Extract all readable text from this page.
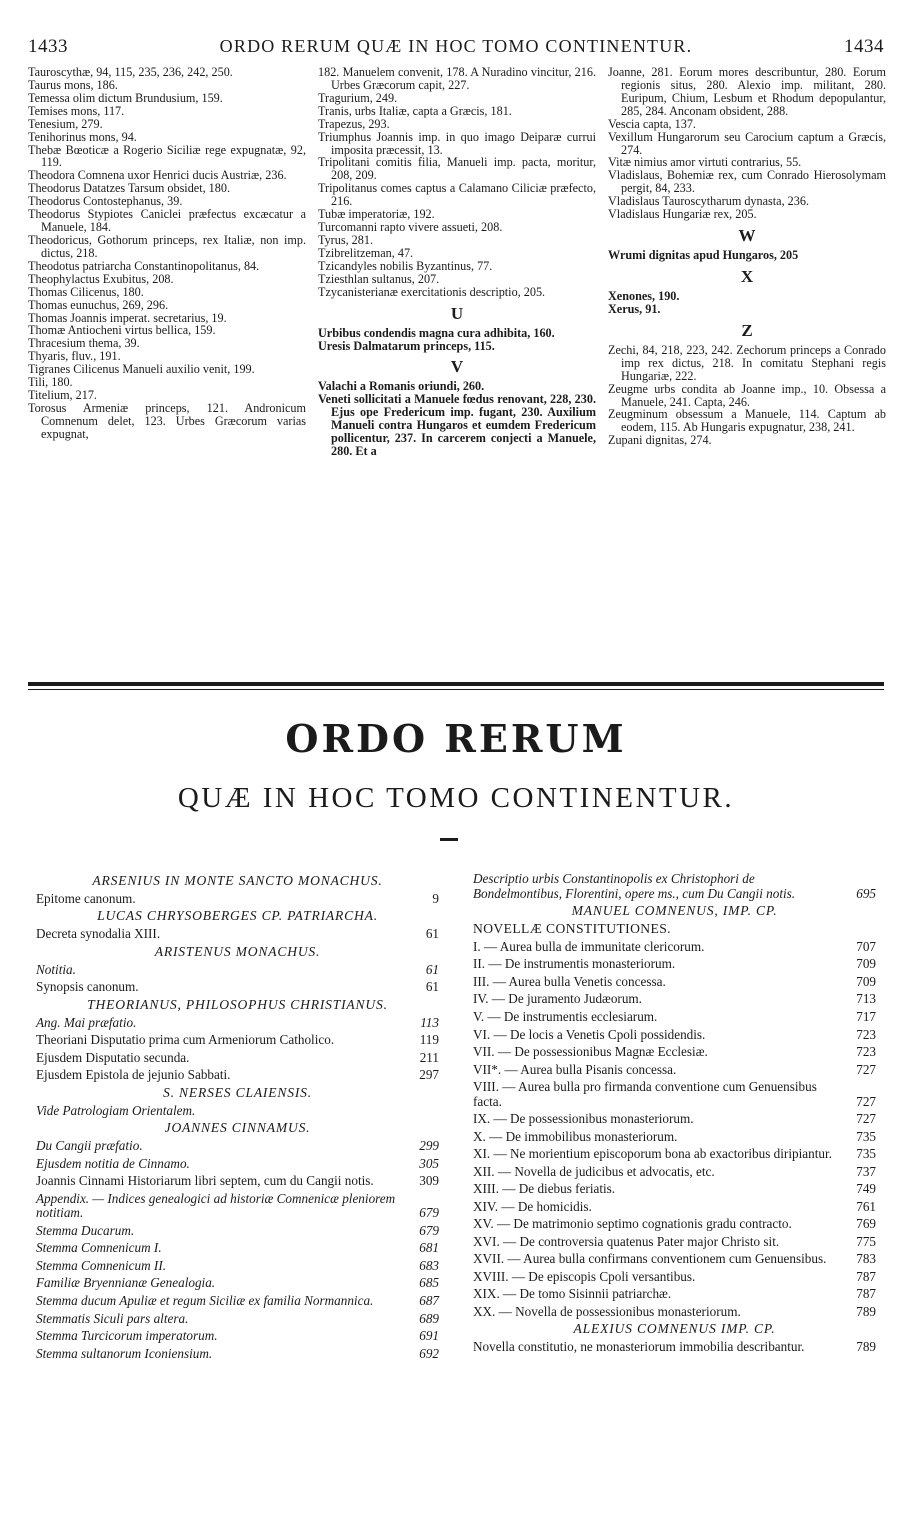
1433	ORDO RERUM QUÆ IN HOC TOMO CONTINENTUR.	1434

Tauroscythæ, 94, 115, 235, 236, 242, 250.

Taurus mons, 186.

Temessa olim dictum Brundusium, 159.

Temises mons, 117.

Tenesium, 279.

Tenihorinus mons, 94.

Thebæ Bœoticæ a Rogerio Siciliæ rege expugnatæ, 92, 119.

Theodora Comnena uxor Henrici ducis Austriæ, 236.

Theodorus Datatzes Tarsum obsidet, 180.

Theodorus Contostephanus, 39.

Theodorus Stypiotes Caniclei præfectus excæcatur a Manuele, 184.

Theodoricus, Gothorum princeps, rex Italiæ, non imp. dictus, 218.

Theodotus patriarcha Constantinopolitanus, 84.

Theophylactus Exubitus, 208.

Thomas Cilicenus, 180.

Thomas eunuchus, 269, 296.

Thomas Joannis imperat. secretarius, 19.

Thomæ Antiocheni virtus bellica, 159.

Thracesium thema, 39.

Thyaris, fluv., 191.

Tigranes Cilicenus Manueli auxilio venit, 199.

Tili, 180.

Titelium, 217.

Torosus Armeniæ princeps, 121. Andronicum Comnenum delet, 123. Urbes Græcorum varias expugnat,

182. Manuelem convenit, 178. A Nuradino vincitur, 216. Urbes Græcorum capit, 227.

Tragurium, 249.

Tranis, urbs Italiæ, capta a Græcis, 181.

Trapezus, 293.

Triumphus Joannis imp. in quo imago Deiparæ currui imposita præcessit, 13.

Tripolitani comitis filia, Manueli imp. pacta, moritur, 208, 209.

Tripolitanus comes captus a Calamano Ciliciæ præfecto, 216.

Tubæ imperatoriæ, 192.

Turcomanni rapto vivere assueti, 208.

Tyrus, 281.

Tzibrelitzeman, 47.

Tzicandyles nobilis Byzantinus, 77.

Tziesthlan sultanus, 207.

Tzycanisterianæ exercitationis descriptio, 205.

U

Urbibus condendis magna cura adhibita, 160.

Uresis Dalmatarum princeps, 115.

V

Valachi a Romanis oriundi, 260.

Veneti sollicitati a Manuele fœdus renovant, 228, 230. Ejus ope Fredericum imp. fugant, 230. Auxilium Manueli contra Hungaros et eumdem Fredericum pollicentur, 237. In carcerem conjecti a Manuele, 280. Et a

Joanne, 281. Eorum mores describuntur, 280. Eorum regionis situs, 280. Alexio imp. militant, 280. Euripum, Chium, Lesbum et Rhodum depopulantur, 285, 284. Anconam obsident, 288.

Vescia capta, 137.

Vexillum Hungarorum seu Carocium captum a Græcis, 274.

Vitæ nimius amor virtuti contrarius, 55.

Vladislaus, Bohemiæ rex, cum Conrado Hierosolymam pergit, 84, 233.

Vladislaus Tauroscytharum dynasta, 236.

Vladislaus Hungariæ rex, 205.

W

Wrumi dignitas apud Hungaros, 205

X

Xenones, 190.

Xerus, 91.

Z

Zechi, 84, 218, 223, 242. Zechorum princeps a Conrado imp rex dictus, 218. In comitatu Stephani regis Hungariæ, 222.

Zeugme urbs condita ab Joanne imp., 10. Obsessa a Manuele, 241. Capta, 246.

Zeugminum obsessum a Manuele, 114. Captum ab eodem, 115. Ab Hungaris expugnatur, 238, 241.

Zupani dignitas, 274.

ORDO RERUM
QUÆ IN HOC TOMO CONTINENTUR.
ARSENIUS IN MONTE SANCTO MONACHUS.
Epitome canonum.	9
LUCAS CHRYSOBERGES CP. PATRIARCHA.
Decreta synodalia XIII.	61
ARISTENUS MONACHUS.
Notitia.	61
Synopsis canonum.	61
THEORIANUS, PHILOSOPHUS CHRISTIANUS.
Ang. Mai præfatio.	113
Theoriani Disputatio prima cum Armeniorum Catholico.	119
Ejusdem Disputatio secunda.	211
Ejusdem Epistola de jejunio Sabbati.	297
S. NERSES CLAIENSIS.
Vide Patrologiam Orientalem.
JOANNES CINNAMUS.
Du Cangii præfatio.	299
Ejusdem notitia de Cinnamo.	305
Joannis Cinnami Historiarum libri septem, cum du Cangii notis.	309
Appendix. — Indices genealogici ad historiæ Comnenicæ pleniorem notitiam.	679
Stemma Ducarum.	679
Stemma Comnenicum I.	681
Stemma Comnenicum II.	683
Familiæ Bryennianæ Genealogia.	685
Stemma ducum Apuliæ et regum Siciliæ ex familia Normannica.	687
Stemmatis Siculi pars altera.	689
Stemma Turcicorum imperatorum.	691
Stemma sultanorum Iconiensium.	692
Descriptio urbis Constantinopolis ex Christophori de Bondelmontibus, Florentini, opere ms., cum Du Cangii notis.	695
MANUEL COMNENUS, IMP. CP.
NOVELLÆ CONSTITUTIONES.
I. — Aurea bulla de immunitate clericorum.	707
II. — De instrumentis monasteriorum.	709
III. — Aurea bulla Venetis concessa.	709
IV. — De juramento Judæorum.	713
V. — De instrumentis ecclesiarum.	717
VI. — De locis a Venetis Cpoli possidendis.	723
VII. — De possessionibus Magnæ Ecclesiæ.	723
VII*. — Aurea bulla Pisanis concessa.	727
VIII. — Aurea bulla pro firmanda conventione cum Genuensibus facta.	727
IX. — De possessionibus monasteriorum.	727
X. — De immobilibus monasteriorum.	735
XI. — Ne morientium episcoporum bona ab exactoribus diripiantur.	735
XII. — Novella de judicibus et advocatis, etc.	737
XIII. — De diebus feriatis.	749
XIV. — De homicidis.	761
XV. — De matrimonio septimo cognationis gradu contracto.	769
XVI. — De controversia quatenus Pater major Christo sit.	775
XVII. — Aurea bulla confirmans conventionem cum Genuensibus.	783
XVIII. — De episcopis Cpoli versantibus.	787
XIX. — De tomo Sisinnii patriarchæ.	787
XX. — Novella de possessionibus monasteriorum.	789
ALEXIUS COMNENUS IMP. CP.
Novella constitutio, ne monasteriorum immobilia describantur.	789
